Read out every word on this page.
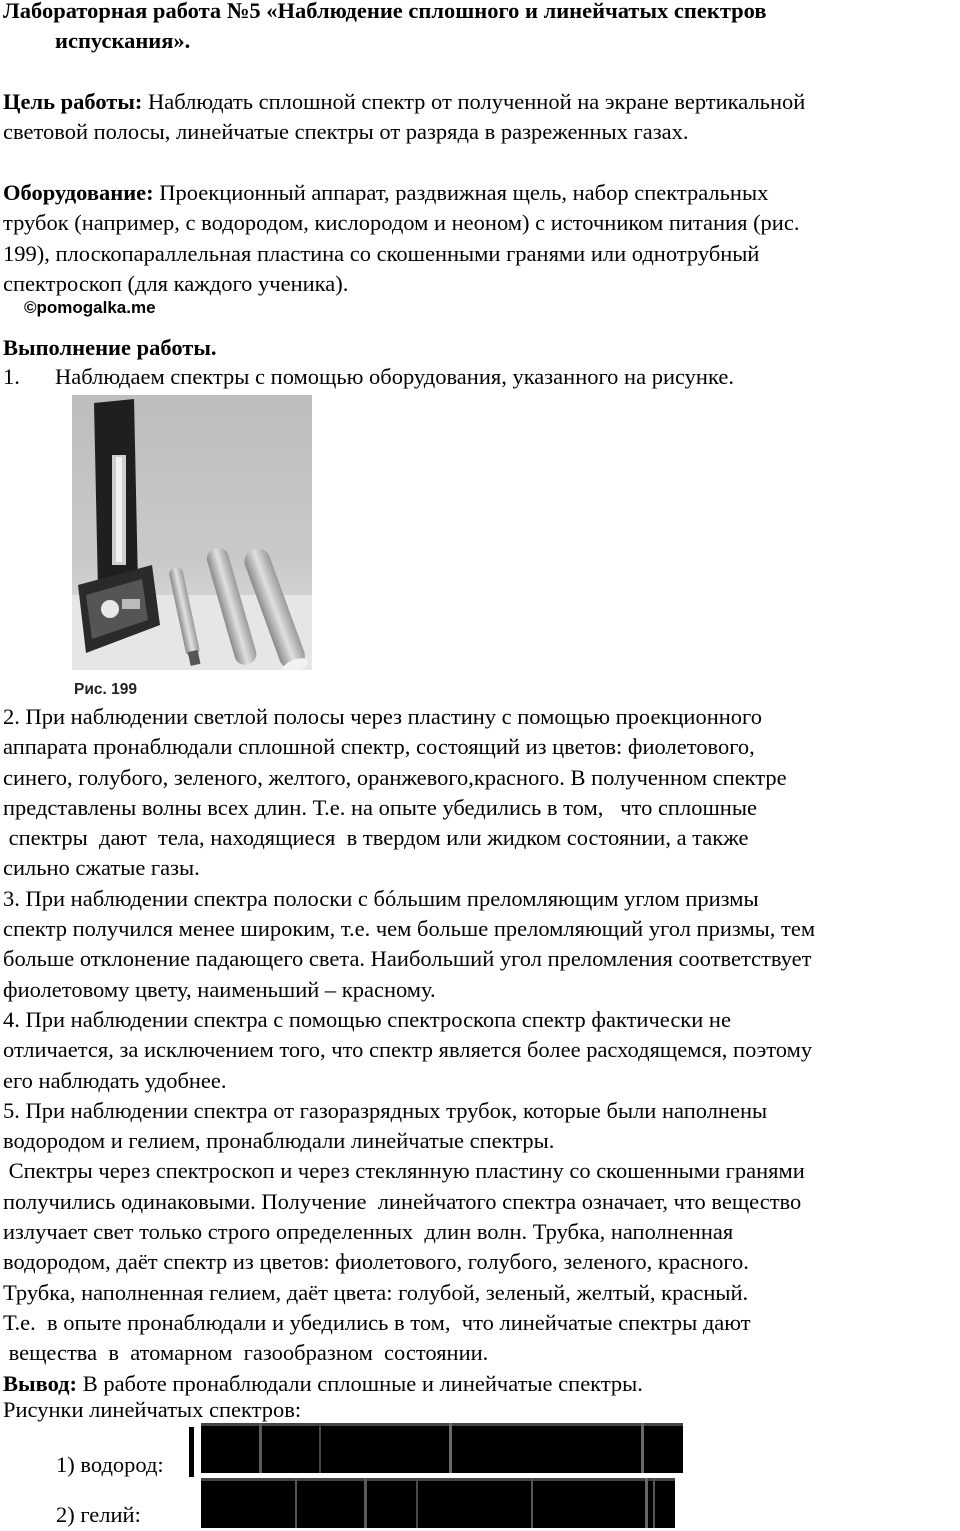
Лабораторная работа №5 «Наблюдение сплошного и линейчатых спектров
испускания».
Цель работы: Наблюдать сплошной спектр от полученной на экране вертикальной
световой полосы, линейчатые спектры от разряда в разреженных газах.
Оборудование: Проекционный аппарат, раздвижная щель, набор спектральных
трубок (например, с водородом, кислородом и неоном) с источником питания (рис.
199), плоскопараллельная пластина со скошенными гранями или однотрубный
спектроскоп (для каждого ученика).
©pomogalka.me
Выполнение работы.
1. Наблюдаем спектры с помощью оборудования, указанного на рисунке.
Рис. 199

2. При наблюдении светлой полосы через пластину с помощью проекционного

аппарата пронаблюдали сплошной спектр, состоящий из цветов: фиолетового,

синего, голубого, зеленого, желтого, оранжевого,красного. В полученном спектре

представлены волны всех длин. Т.е. на опыте убедились в том,   что сплошные

спектры  дают  тела, находящиеся  в твердом или жидком состоянии, а также

сильно сжатые газы.

3. При наблюдении спектра полоски с бóльшим преломляющим углом призмы

спектр получился менее широким, т.е. чем больше преломляющий угол призмы, тем

больше отклонение падающего света. Наибольший угол преломления соответствует

фиолетовому цвету, наименьший – красному.

4. При наблюдении спектра с помощью спектроскопа спектр фактически не

отличается, за исключением того, что спектр является более расходящемся, поэтому

его наблюдать удобнее.

5. При наблюдении спектра от газоразрядных трубок, которые были наполнены

водородом и гелием, пронаблюдали линейчатые спектры.

Спектры через спектроскоп и через стеклянную пластину со скошенными гранями

получились одинаковыми. Получение  линейчатого спектра означает, что вещество

излучает свет только строго определенных  длин волн. Трубка, наполненная

водородом, даёт спектр из цветов: фиолетового, голубого, зеленого, красного.

Трубка, наполненная гелием, даёт цвета: голубой, зеленый, желтый, красный.

Т.е.  в опыте пронаблюдали и убедились в том,  что линейчатые спектры дают

вещества  в  атомарном  газообразном  состоянии.

Вывод: В работе пронаблюдали сплошные и линейчатые спектры.

Рисунки линейчатых спектров:
1) водород:
2) гелий:
